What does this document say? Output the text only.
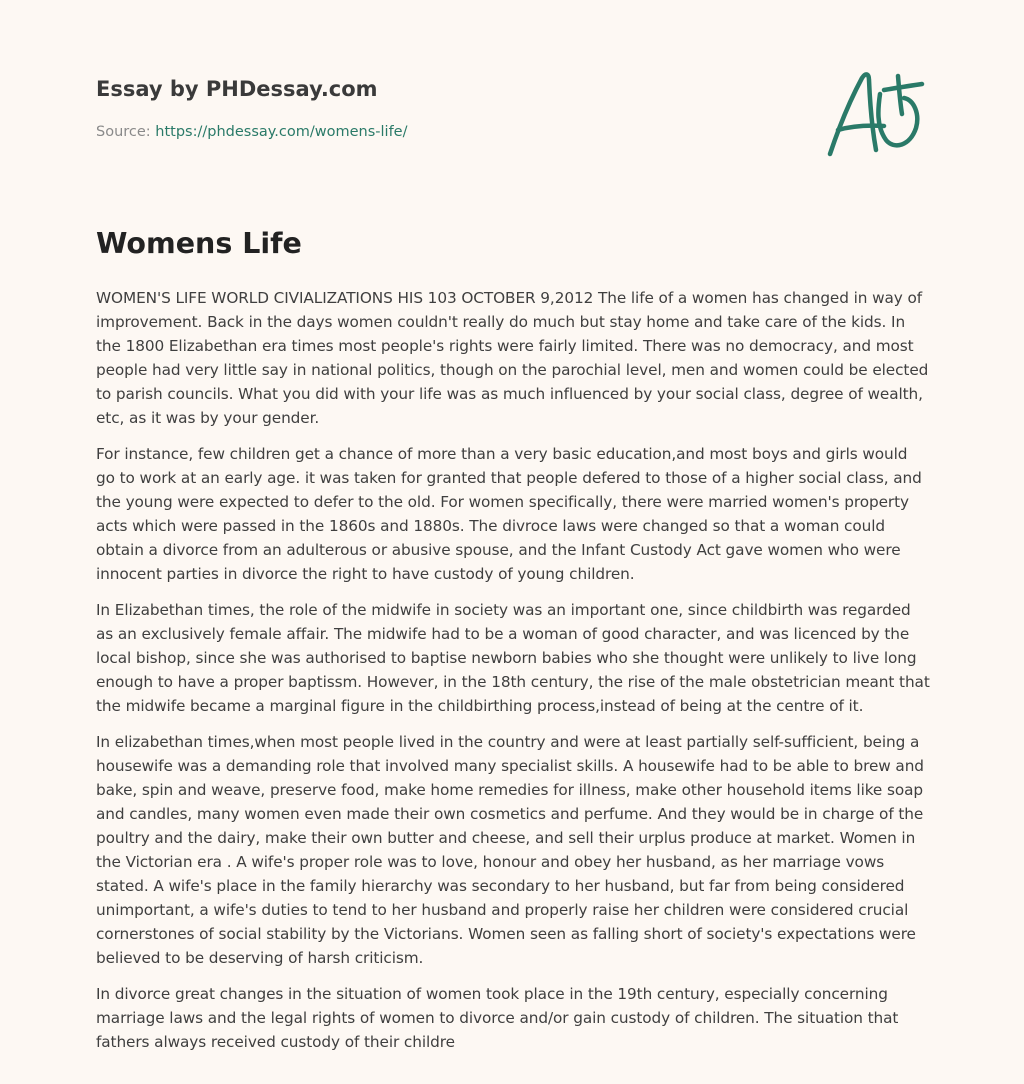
Essay by PHDessay.com
Source: https://phdessay.com/womens-life/
Womens Life

WOMEN'S LIFE WORLD CIVIALIZATIONS HIS 103 OCTOBER 9,2012 The life of a women has changed in way of improvement. Back in the days women couldn't really do much but stay home and take care of the kids. In the 1800 Elizabethan era times most people's rights were fairly limited. There was no democracy, and most people had very little say in national politics, though on the parochial level, men and women could be elected to parish councils. What you did with your life was as much influenced by your social class, degree of wealth, etc, as it was by your gender.

For instance, few children get a chance of more than a very basic education,and most boys and girls would go to work at an early age. it was taken for granted that people defered to those of a higher social class, and the young were expected to defer to the old. For women specifically, there were married women's property acts which were passed in the 1860s and 1880s. The divroce laws were changed so that a woman could obtain a divorce from an adulterous or abusive spouse, and the Infant Custody Act gave women who were innocent parties in divorce the right to have custody of young children.

In Elizabethan times, the role of the midwife in society was an important one, since childbirth was regarded as an exclusively female affair. The midwife had to be a woman of good character, and was licenced by the local bishop, since she was authorised to baptise newborn babies who she thought were unlikely to live long enough to have a proper baptissm. However, in the 18th century, the rise of the male obstetrician meant that the midwife became a marginal figure in the childbirthing process,instead of being at the centre of it.

In elizabethan times,when most people lived in the country and were at least partially self-sufficient, being a housewife was a demanding role that involved many specialist skills. A housewife had to be able to brew and bake, spin and weave, preserve food, make home remedies for illness, make other household items like soap and candles, many women even made their own cosmetics and perfume. And they would be in charge of the poultry and the dairy, make their own butter and cheese, and sell their urplus produce at market. Women in the Victorian era . A wife's proper role was to love, honour and obey her husband, as her marriage vows stated. A wife's place in the family hierarchy was secondary to her husband, but far from being considered unimportant, a wife's duties to tend to her husband and properly raise her children were considered crucial cornerstones of social stability by the Victorians. Women seen as falling short of society's expectations were believed to be deserving of harsh criticism.

In divorce great changes in the situation of women took place in the 19th century, especially concerning marriage laws and the legal rights of women to divorce and/or gain custody of children. The situation that fathers always received custody of their childre
